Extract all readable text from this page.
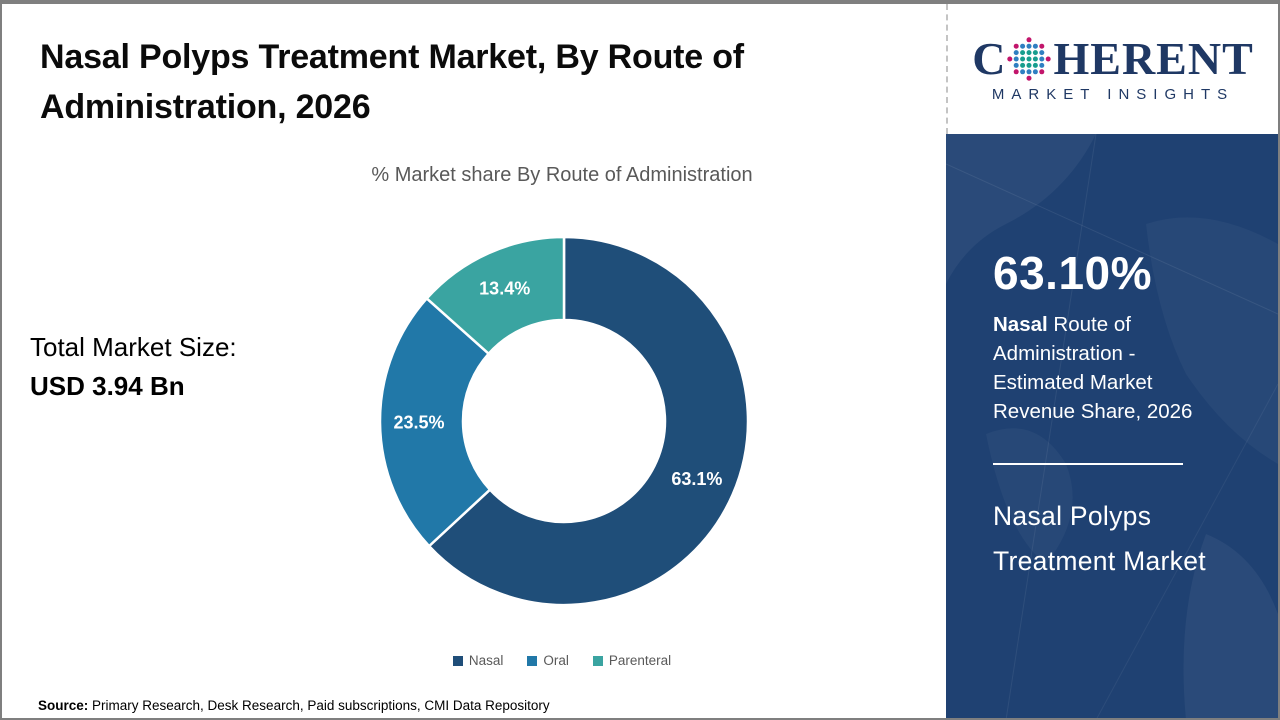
Nasal Polyps Treatment Market, By Route of Administration, 2026
% Market share By Route of Administration
Total Market Size:
USD 3.94 Bn
63.1%
23.5%
13.4%
Nasal	Oral	Parenteral
Source: Primary Research, Desk Research, Paid subscriptions, CMI Data Repository
C HERENT
MARKET INSIGHTS
63.10%
Nasal Route of Administration - Estimated Market Revenue Share, 2026
Nasal Polyps
Treatment Market
